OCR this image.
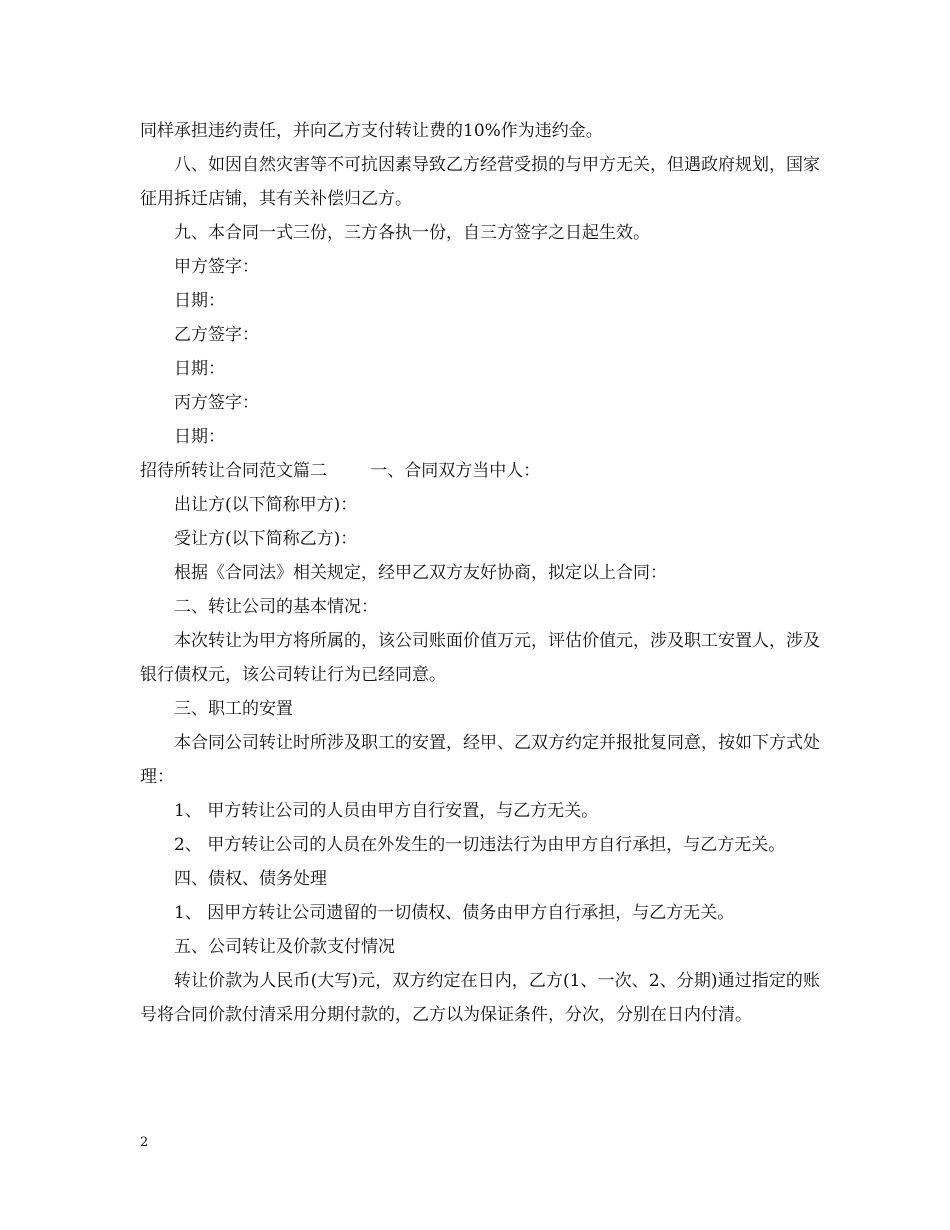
同样承担违约责任，并向乙方支付转让费的10%作为违约金。

八、如因自然灾害等不可抗因素导致乙方经营受损的与甲方无关，但遇政府规划，国家征用拆迁店铺，其有关补偿归乙方。

九、本合同一式三份，三方各执一份，自三方签字之日起生效。

甲方签字：

日期：

乙方签字：

日期：

丙方签字：

日期：

招待所转让合同范文篇二        一、合同双方当中人：

出让方(以下简称甲方)：

受让方(以下简称乙方)：

根据《合同法》相关规定，经甲乙双方友好协商，拟定以上合同：

二、转让公司的基本情况：

本次转让为甲方将所属的，该公司账面价值万元，评估价值元，涉及职工安置人，涉及银行债权元，该公司转让行为已经同意。

三、职工的安置

本合同公司转让时所涉及职工的安置，经甲、乙双方约定并报批复同意，按如下方式处理：

1、 甲方转让公司的人员由甲方自行安置，与乙方无关。

2、 甲方转让公司的人员在外发生的一切违法行为由甲方自行承担，与乙方无关。

四、债权、债务处理

1、 因甲方转让公司遗留的一切债权、债务由甲方自行承担，与乙方无关。

五、公司转让及价款支付情况

转让价款为人民币(大写)元，双方约定在日内，乙方(1、一次、2、分期)通过指定的账号将合同价款付清采用分期付款的，乙方以为保证条件，分次，分别在日内付清。

2
